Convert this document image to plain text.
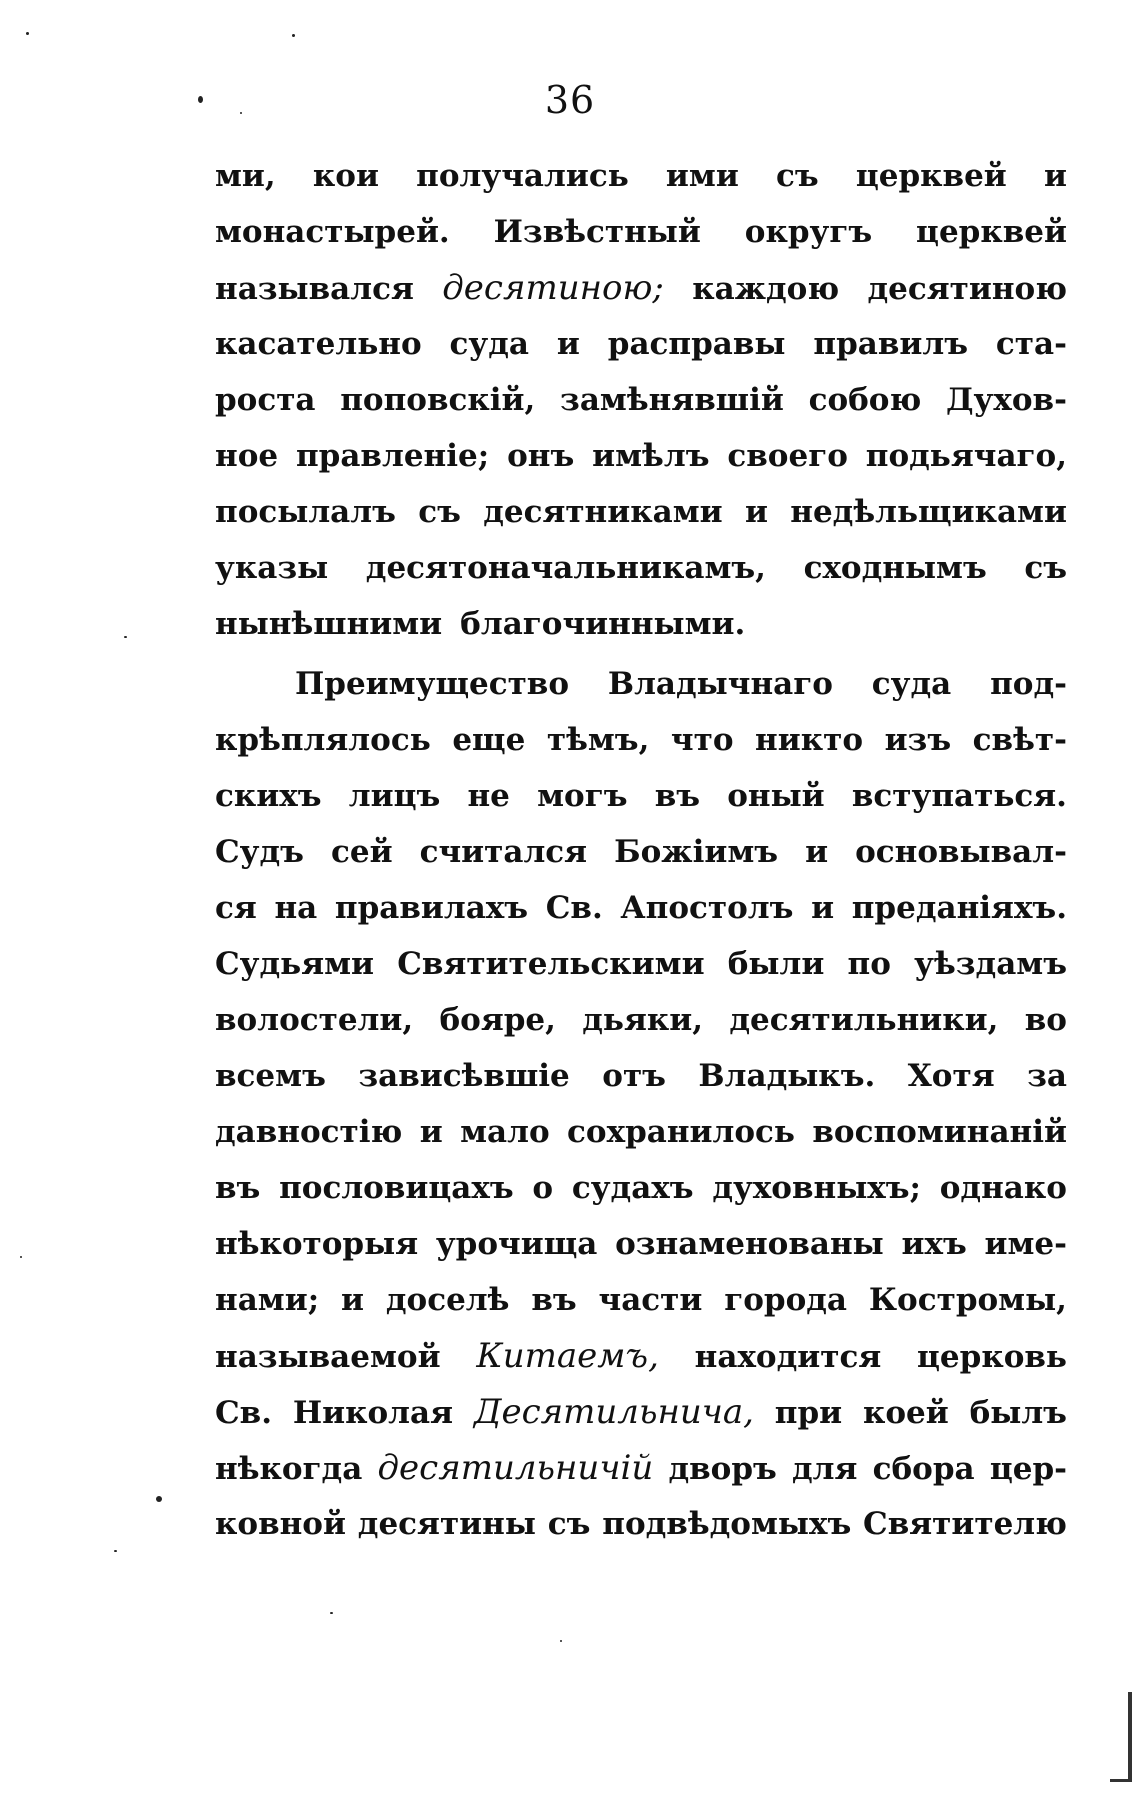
36
ми, кои получались ими съ церквей и
монастырей. Извѣстный округъ церквей
назывался десятиною; каждою десятиною
касательно суда и расправы правилъ ста-
роста поповскій, замѣнявшій собою Духов-
ное правленіе; онъ имѣлъ своего подьячаго,
посылалъ съ десятниками и недѣльщиками
указы десятоначальникамъ, сходнымъ съ
нынѣшними благочинными.
Преимущество Владычнаго суда под-
крѣплялось еще тѣмъ, что никто изъ свѣт-
скихъ лицъ не могъ въ оный вступаться.
Судъ сей считался Божіимъ и основывал-
ся на правилахъ Св. Апостолъ и преданіяхъ.
Судьями Святительскими были по уѣздамъ
волостели, бояре, дьяки, десятильники, во
всемъ зависѣвшіе отъ Владыкъ. Хотя за
давностію и мало сохранилось воспоминаній
въ пословицахъ о судахъ духовныхъ; однако
нѣкоторыя урочища ознаменованы ихъ име-
нами; и доселѣ въ части города Костромы,
называемой Китаемъ, находится церковь
Св. Николая Десятильнича, при коей былъ
нѣкогда десятильничій дворъ для сбора цер-
ковной десятины съ подвѣдомыхъ Святителю
